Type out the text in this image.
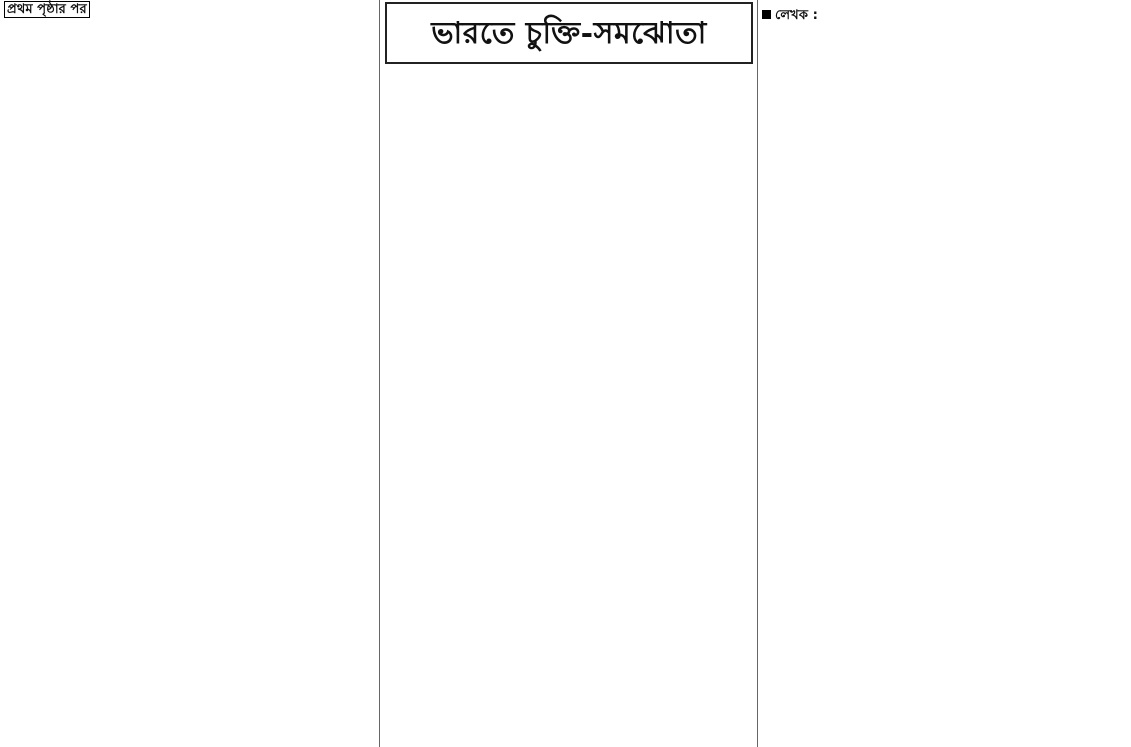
প্রথম পৃষ্ঠার পর

ভারতে চুক্তি-সমঝোতা	লেখক :
